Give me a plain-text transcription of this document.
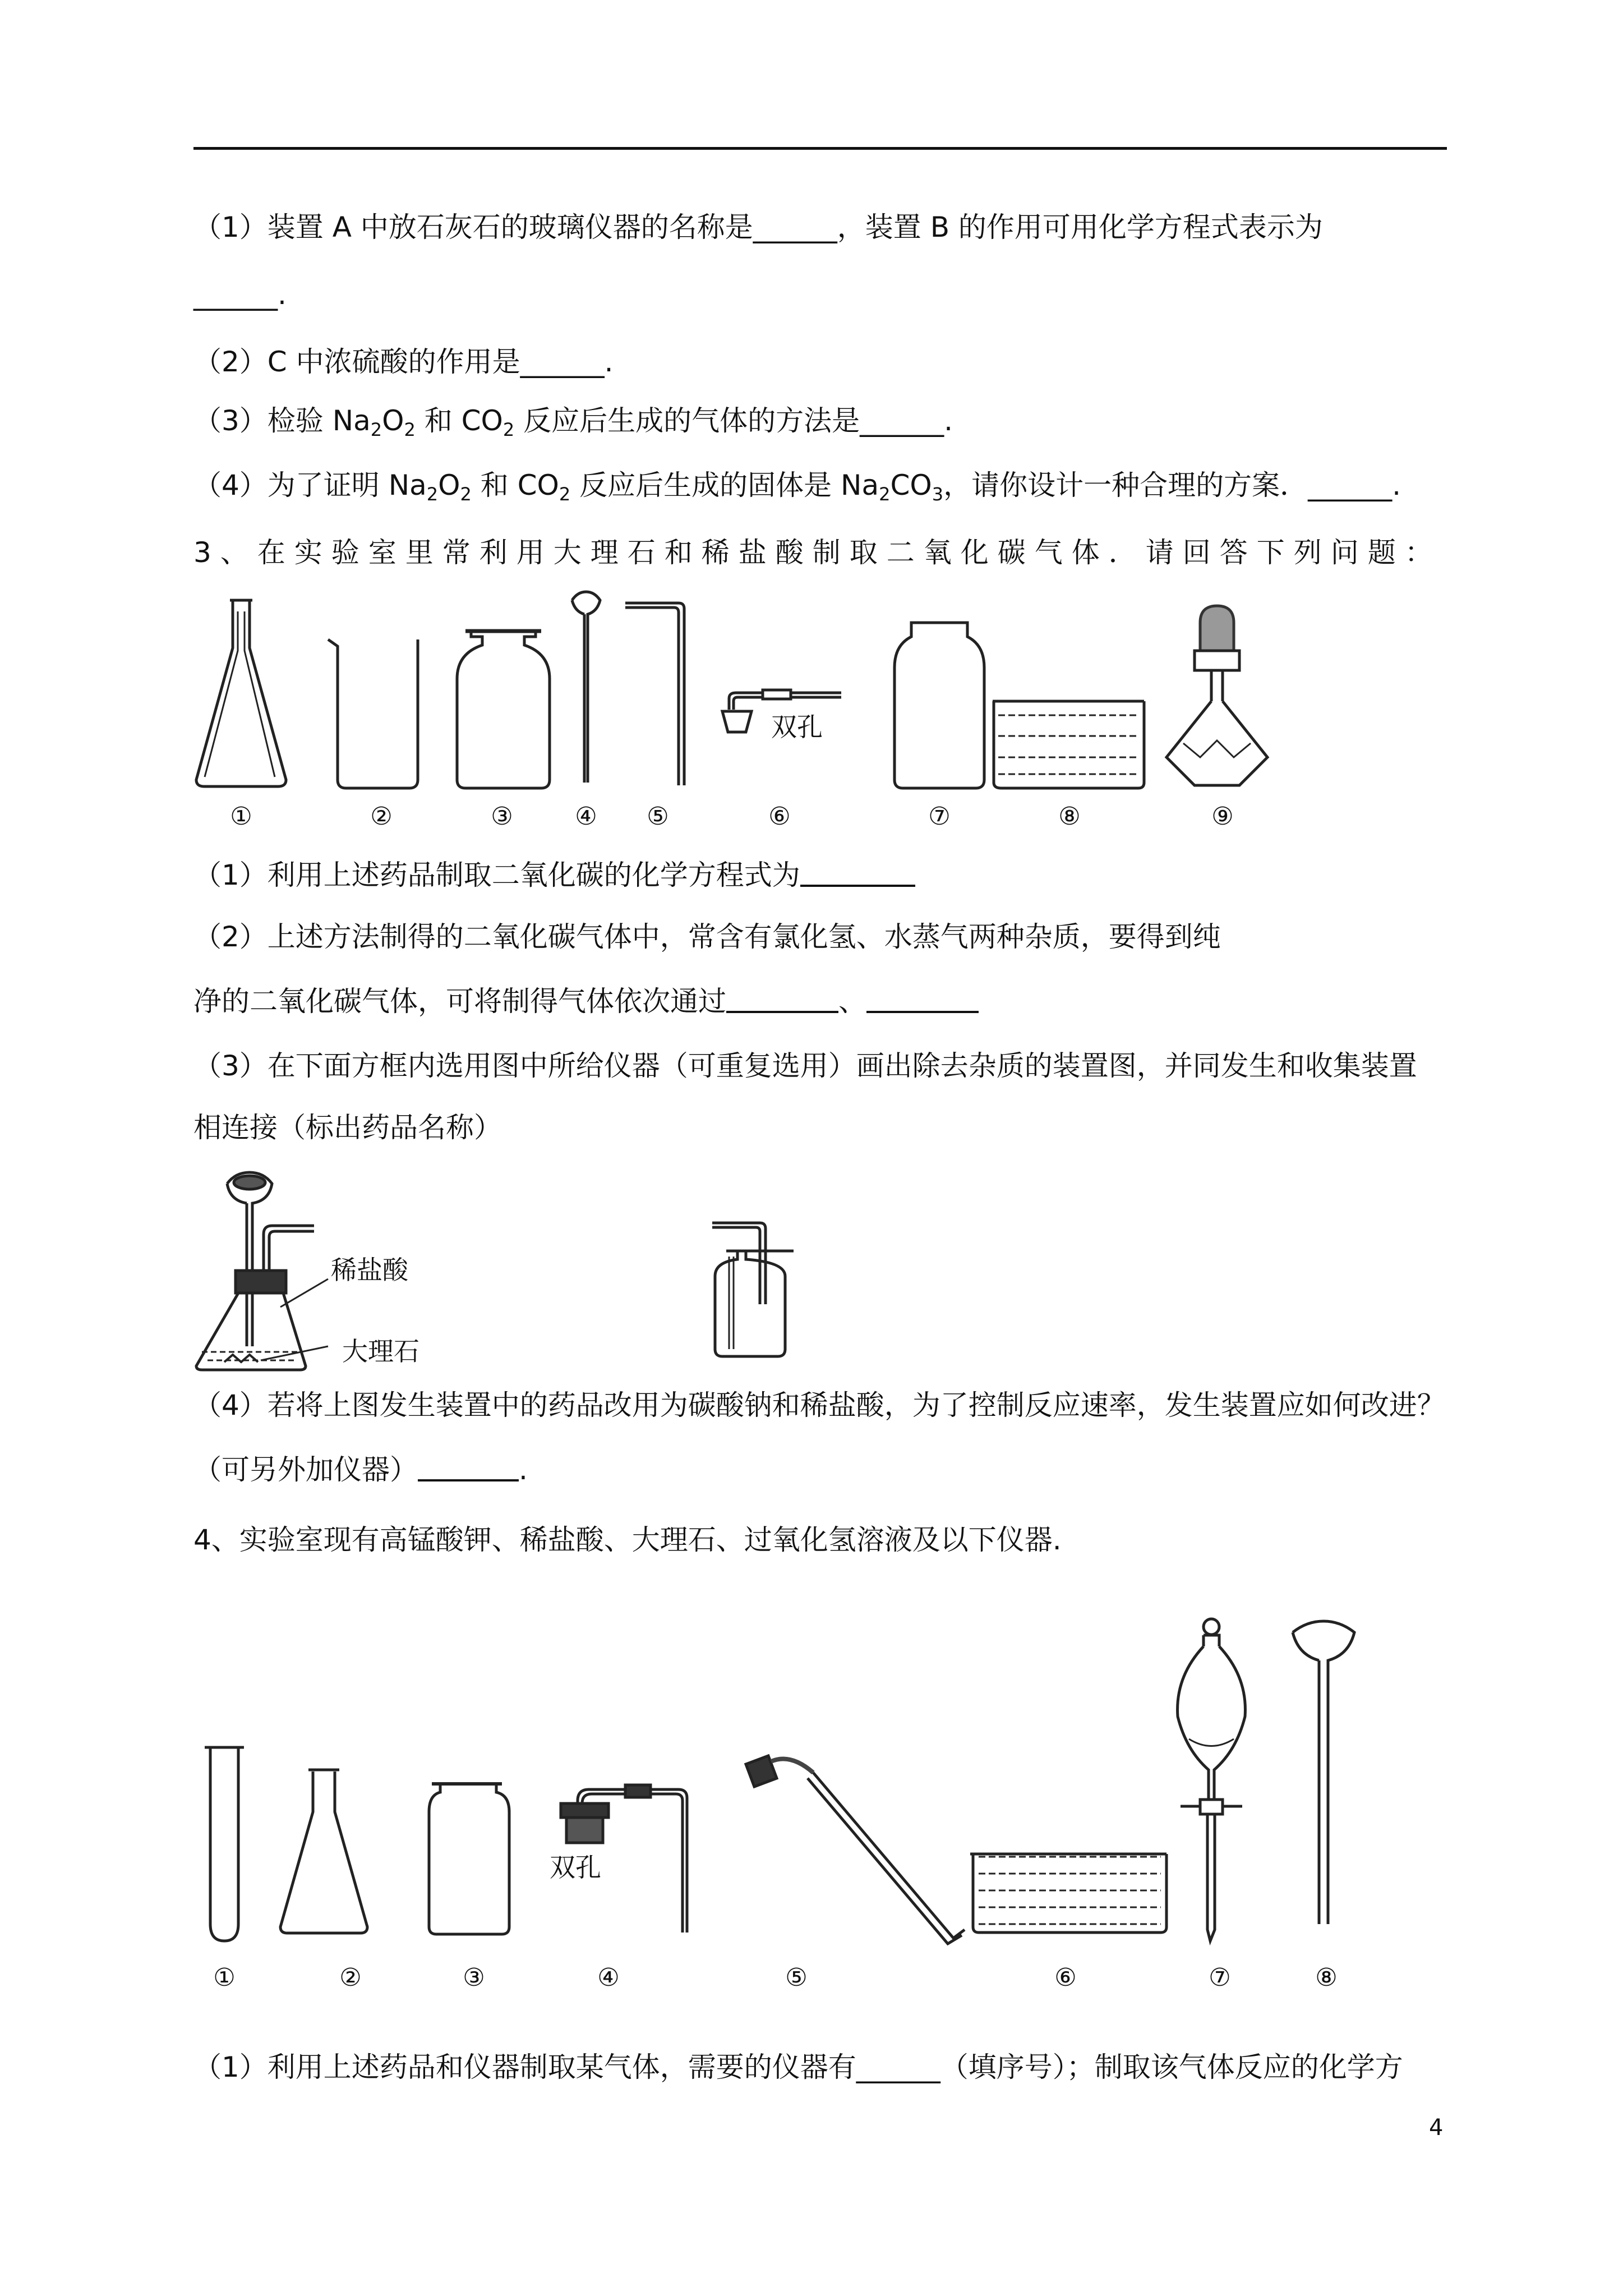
（1）装置 A 中放石灰石的玻璃仪器的名称是______，装置 B 的作用可用化学方程式表示为
______.
（2）C 中浓硫酸的作用是______.
（3）检验 $Na_2O_2$ 和 $CO_2$ 反应后生成的气体的方法是______.
（4）为了证明 $Na_2O_2$ 和 $CO_2$ 反应后生成的固体是 $Na_2CO_3$，请你设计一种合理的方案．______.
3、在实验室里常利用大理石和稀盐酸制取二氧化碳气体．请回答下列问题：
双孔
①	②	③	④ ⑤	⑥	⑦	⑧	⑨
（1）利用上述药品制取二氧化碳的化学方程式为
（2）上述方法制得的二氧化碳气体中，常含有氯化氢、水蒸气两种杂质，要得到纯
净的二氧化碳气体，可将制得气体依次通过	、
（3）在下面方框内选用图中所给仪器（可重复选用）画出除去杂质的装置图，并同发生和收集装置
相连接（标出药品名称）
稀盐酸
大理石
（4）若将上图发生装置中的药品改用为碳酸钠和稀盐酸，为了控制反应速率，发生装置应如何改进？
（可另外加仪器）	.
4、实验室现有高锰酸钾、稀盐酸、大理石、过氧化氢溶液及以下仪器.
双孔
①	②	③	④	⑤	⑥	⑦	⑧
（1）利用上述药品和仪器制取某气体，需要的仪器有______（填序号）；制取该气体反应的化学方
4
